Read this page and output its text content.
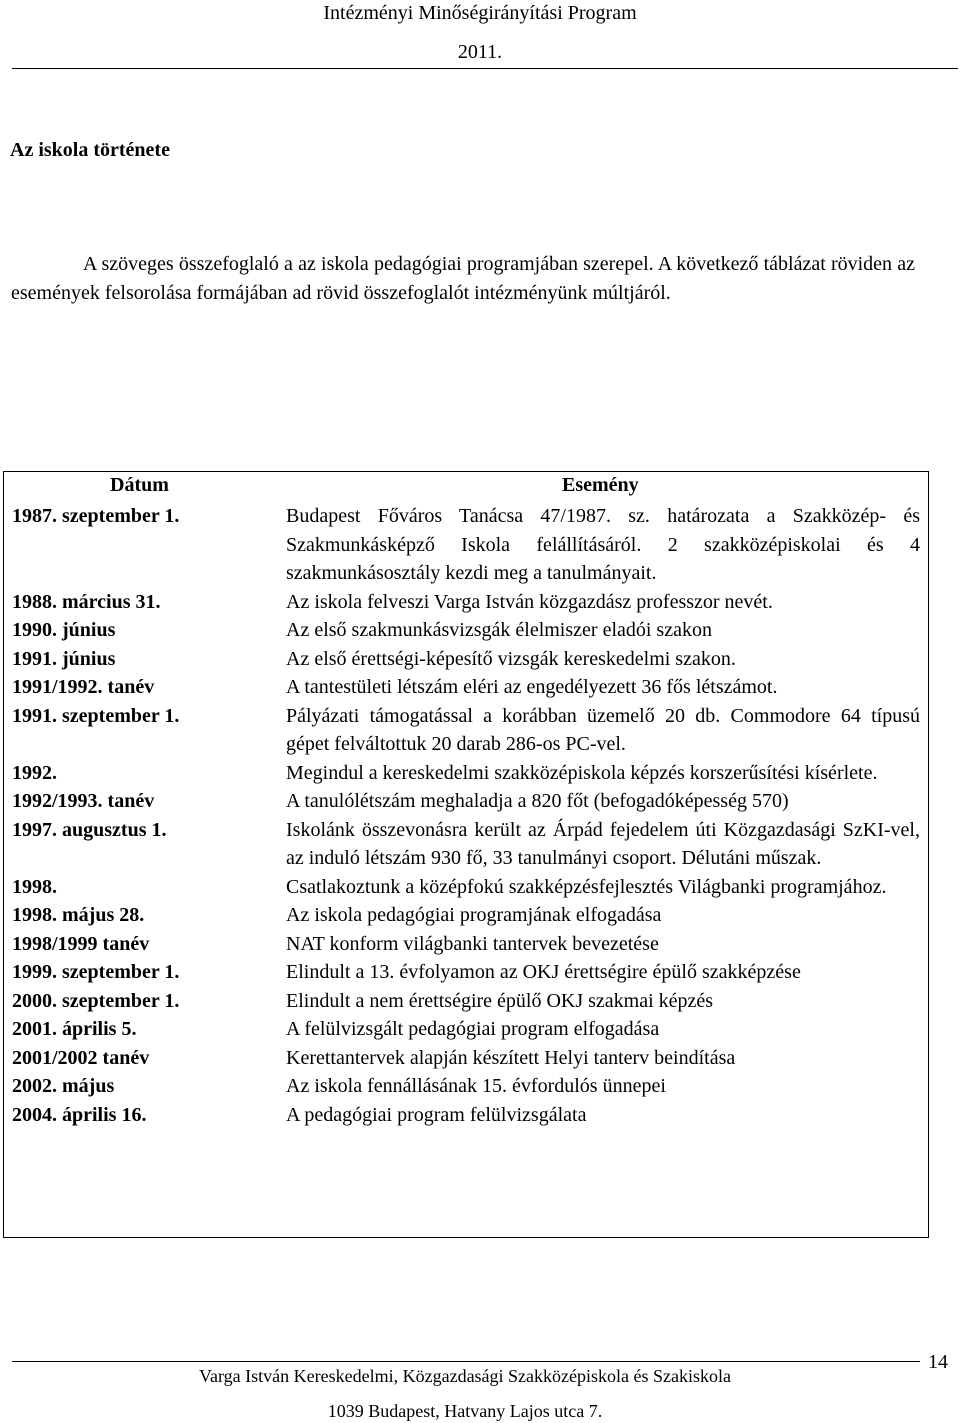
Intézményi Minőségirányítási Program
2011.
Az iskola története
A szöveges összefoglaló a az iskola pedagógiai programjában szerepel. A következő táblázat röviden az események felsorolása formájában ad rövid összefoglalót intézményünk múltjáról.
Dátum	Esemény
1987. szeptember 1.	Budapest Főváros Tanácsa 47/1987. sz. határozata a Szakközép- és Szakmunkásképző Iskola felállításáról. 2 szakközépiskolai és 4 szakmunkásosztály kezdi meg a tanulmányait.
1988. március 31.	Az iskola felveszi Varga István közgazdász professzor nevét.
1990. június	Az első szakmunkásvizsgák élelmiszer eladói szakon
1991. június	Az első érettségi-képesítő vizsgák kereskedelmi szakon.
1991/1992. tanév	A tantestületi létszám eléri az engedélyezett 36 fős létszámot.
1991. szeptember 1.	Pályázati támogatással a korábban üzemelő 20 db. Commodore 64 típusú gépet felváltottuk 20 darab 286-os PC-vel.
1992.	Megindul a kereskedelmi szakközépiskola képzés korszerűsítési kísérlete.
1992/1993. tanév	A tanulólétszám meghaladja a 820 főt (befogadóképesség 570)
1997. augusztus 1.	Iskolánk összevonásra került az Árpád fejedelem úti Közgazdasági SzKI-vel, az induló létszám 930 fő, 33 tanulmányi csoport. Délutáni műszak.
1998.	Csatlakoztunk a középfokú szakképzésfejlesztés Világbanki programjához.
1998. május 28.	Az iskola pedagógiai programjának elfogadása
1998/1999 tanév	NAT konform világbanki tantervek bevezetése
1999. szeptember 1.	Elindult a 13. évfolyamon az OKJ érettségire épülő szakképzése
2000. szeptember 1.	Elindult a nem érettségire épülő OKJ szakmai képzés
2001. április 5.	A felülvizsgált pedagógiai program elfogadása
2001/2002 tanév	Kerettantervek alapján készített Helyi tanterv beindítása
2002. május	Az iskola fennállásának 15. évfordulós ünnepei
2004. április 16.	A pedagógiai program felülvizsgálata
14
Varga István Kereskedelmi, Közgazdasági Szakközépiskola és Szakiskola
1039 Budapest, Hatvany Lajos utca 7.
